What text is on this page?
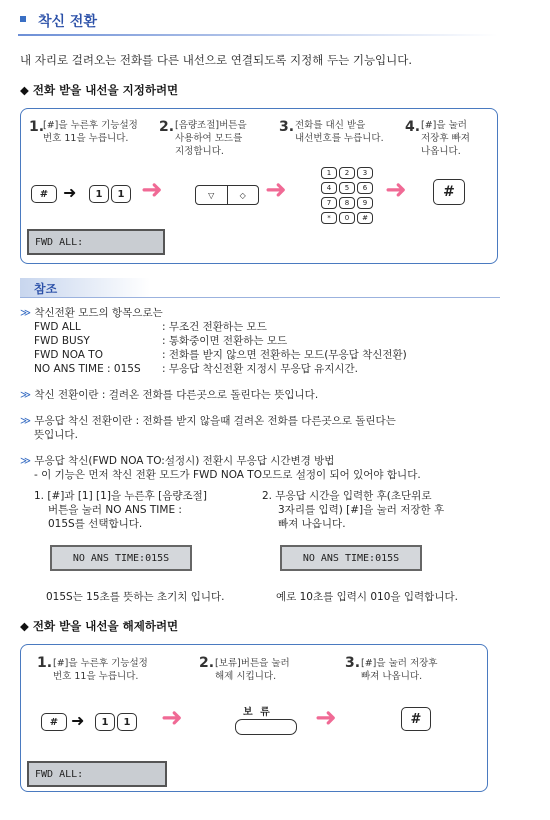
착신 전환
내 자리로 걸려오는 전화를 다른 내선으로 연결되도록 지정해 두는 기능입니다.
◆ 전화 받을 내선을 지정하려면
1.
[#]을 누른후 기능설정
번호 11을 누릅니다.
2. [음량조절]버튼을
사용하여 모드를
지정합니다.
3. 전화를 대신 받을
내선번호를 누릅니다.
4. [#]을 눌러
저장후 빠져
나옵니다.
# ➜	1	1 ➜	▽	◇ ➜
1	2	3
4	5	6
7	8	9
*	0	#
➜	#
FWD ALL:
참조
≫ 착신전환 모드의 항목으로는
FWD ALL	: 무조건 전환하는 모드
FWD BUSY	: 통화중이면 전환하는 모드
FWD NOA TO	: 전화를 받지 않으면 전환하는 모드(무응답 착신전환)
NO ANS TIME : 015S	: 무응답 착신전환 지정시 무응답 유지시간.
≫ 착신 전환이란 : 걸려온 전화를 다른곳으로 돌린다는 뜻입니다.
≫ 무응답 착신 전환이란 : 전화를 받지 않을때 걸려온 전화를 다른곳으로 돌린다는
뜻입니다.
≫ 무응답 착신(FWD NOA TO:설정시) 전환시 무응답 시간변경 방법
- 이 기능은 먼저 착신 전환 모드가 FWD NOA TO모드로 설정이 되어 있어야 합니다.
1. [#]과 [1] [1]을 누른후 [음량조절]
버튼을 눌러 NO ANS TIME :
015S를 선택합니다.
2. 무응답 시간을 입력한 후(초단위로
3자리를 입력) [#]을 눌러 저장한 후
빠져 나옵니다.
NO ANS TIME:015S	NO ANS TIME:015S
015S는 15초를 뜻하는 초기치 입니다.	예로 10초를 입력시 010을 입력합니다.
◆ 전화 받을 내선을 해제하려면
1. [#]을 누른후 기능설정
번호 11을 누릅니다.
2. [보류]버튼을 눌러
해제 시킵니다.
3. [#]을 눌러 저장후
빠져 나옵니다.
# ➜	1	1 ➜	보 류 ➜	#
FWD ALL:
